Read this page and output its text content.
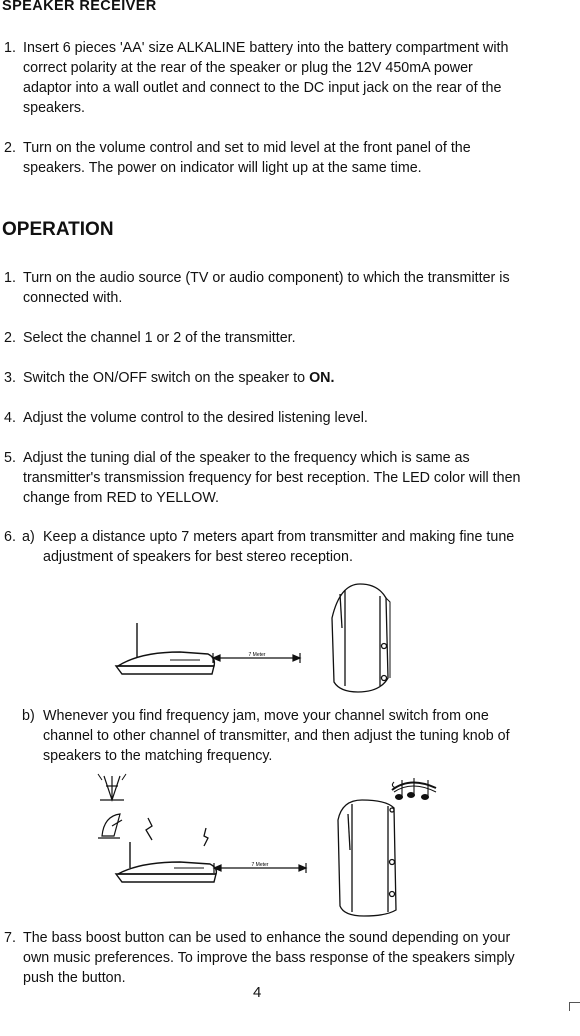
SPEAKER RECEIVER
1. Insert 6 pieces 'AA' size ALKALINE battery into the battery compartment with correct polarity at the rear of the speaker or plug the 12V 450mA power adaptor into a wall outlet and connect to the DC input jack on the rear of the speakers.

2. Turn on the volume control and set to mid level at the front panel of the speakers. The power on indicator will light up at the same time.

OPERATION
1. Turn on the audio source (TV or audio component) to which the transmitter is connected with.

2. Select the channel 1 or 2 of the transmitter.

3. Switch the ON/OFF switch on the speaker to ON.

4. Adjust the volume control to the desired listening level.

5. Adjust the tuning dial of the speaker to the frequency which is same as transmitter's transmission frequency for best reception. The LED color will then change from RED to YELLOW.

6. a) Keep a distance upto 7 meters apart from transmitter and making fine tune adjustment of speakers for best stereo reception.
7 Meter
b) Whenever you find frequency jam, move your channel switch from one channel to other channel of transmitter, and then adjust the tuning knob of speakers to the matching frequency.
7 Meter
7. The bass boost button can be used to enhance the sound depending on your own music preferences. To improve the bass response of the speakers simply push the button.

4
